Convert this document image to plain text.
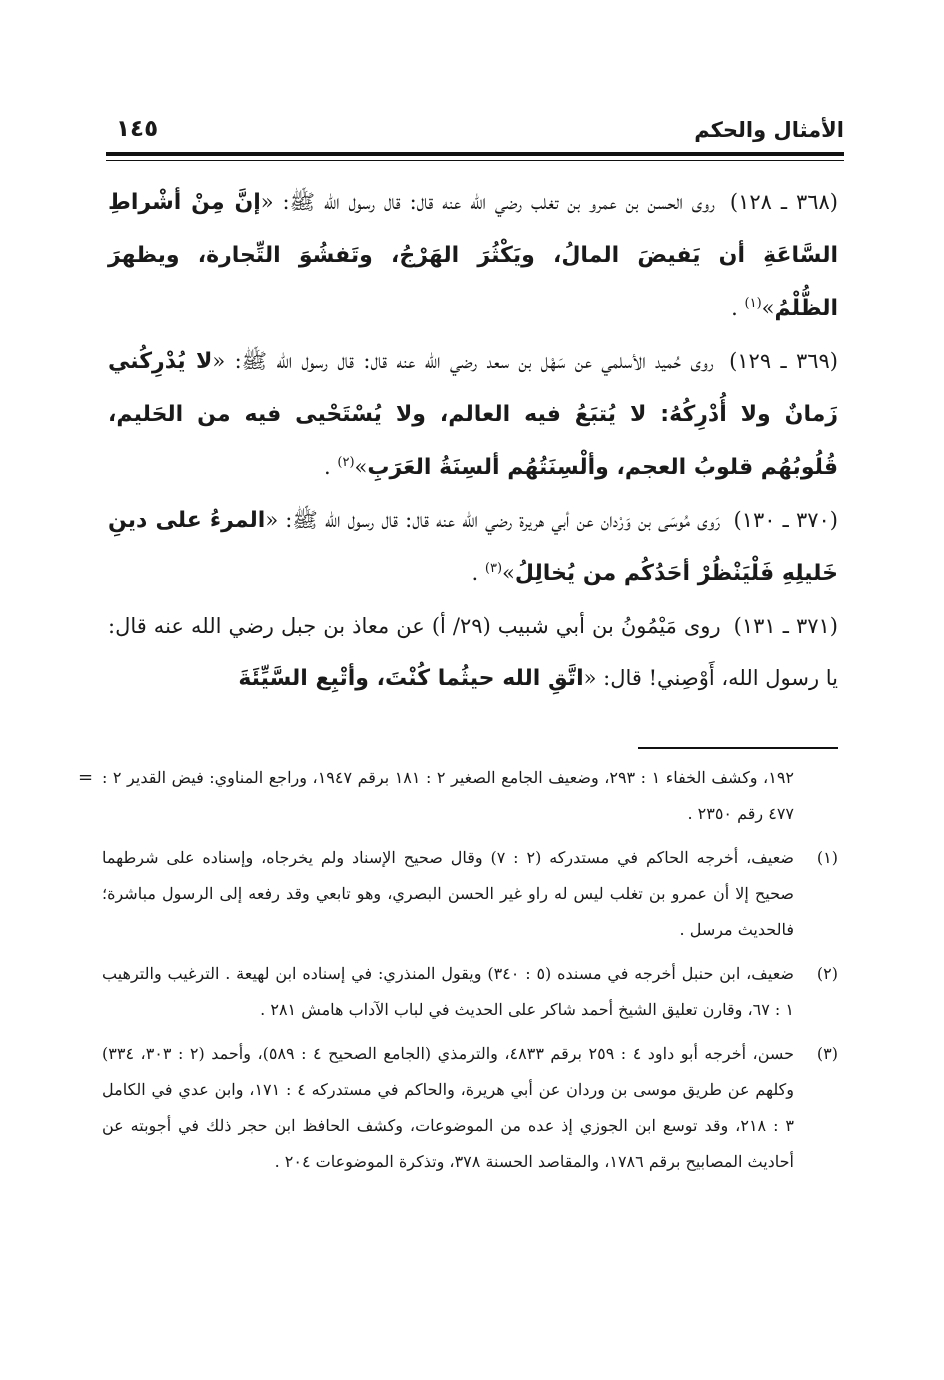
الأمثال والحكم
١٤٥

(٣٦٨ ـ ١٢٨) روى الحسن بن عمرو بن تغلب رضي الله عنه قال: قال رسول الله ﷺ: «إنَّ مِنْ أشْراطِ السَّاعَةِ أن يَفيضَ المالُ، ويَكْثُرَ الهَرْجُ، وتَفشُوَ التِّجارة، ويظهرَ الظُّلْمُ»$^{(١)}$ .

(٣٦٩ ـ ١٢٩) روى حُميد الأسلمي عن سَهْل بن سعد رضي الله عنه قال: قال رسول الله ﷺ: «لا يُدْرِكُني زَمانٌ ولا أُدْرِكُهُ: لا يُتبَعُ فيه العالم، ولا يُسْتَحْيى فيه من الحَليم، قُلُوبُهُم قلوبُ العجم، وألْسِنَتُهُم ألسِنَةُ العَرَبِ»$^{(٢)}$ .

(٣٧٠ ـ ١٣٠) رَوى مُوسَى بن وَرْدان عن أبي هريرة رضي الله عنه قال: قال رسول الله ﷺ: «المرءُ على دينِ خَليلِهِ فَلْيَنْظُرْ أحَدُكُم من يُخالِلُ»$^{(٣)}$ .

(٣٧١ ـ ١٣١) روى مَيْمُونُ بن أبي شبيب (٢٩/ أ) عن معاذ بن جبل رضي الله عنه قال: يا رسول الله، أَوْصِني! قال: «اتَّقِ الله حيثُما كُنْتَ، وأتْبِع السَّيِّئَةَ

= ١٩٢، وكشف الخفاء ١ : ٢٩٣، وضعيف الجامع الصغير ٢ : ١٨١ برقم ١٩٤٧، وراجع المناوي: فيض القدير ٢ : ٤٧٧ رقم ٢٣٥٠ .
(١)
ضعيف، أخرجه الحاكم في مستدركه (٢ : ٧) وقال صحيح الإسناد ولم يخرجاه، وإسناده على شرطهما صحيح إلا أن عمرو بن تغلب ليس له راو غير الحسن البصري، وهو تابعي وقد رفعه إلى الرسول مباشرة؛ فالحديث مرسل .
(٢)
ضعيف، ابن حنبل أخرجه في مسنده (٥ : ٣٤٠) ويقول المنذري: في إسناده ابن لهيعة . الترغيب والترهيب ١ : ٦٧، وقارن تعليق الشيخ أحمد شاكر على الحديث في لباب الآداب هامش ٢٨١ .
(٣)
حسن، أخرجه أبو داود ٤ : ٢٥٩ برقم ٤٨٣٣، والترمذي (الجامع الصحيح ٤ : ٥٨٩)، وأحمد (٢ : ٣٠٣، ٣٣٤) وكلهم عن طريق موسى بن وردان عن أبي هريرة، والحاكم في مستدركه ٤ : ١٧١، وابن عدي في الكامل ٣ : ٢١٨، وقد توسع ابن الجوزي إذ عده من الموضوعات، وكشف الحافظ ابن حجر ذلك في أجوبته عن أحاديث المصابيح برقم ١٧٨٦، والمقاصد الحسنة ٣٧٨، وتذكرة الموضوعات ٢٠٤ .
